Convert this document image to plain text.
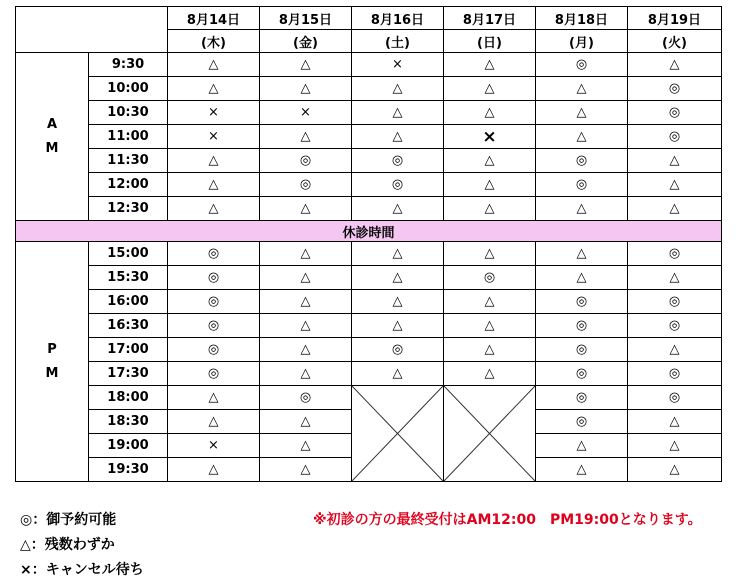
		8月14日	8月15日	8月16日	8月17日	8月18日	8月19日
		(木)	(金)	(土)	(日)	(月)	(火)

A
M	9:30	△	△	×	△	◎	△
	10:00	△	△	△	△	△	◎
	10:30	×	×	△	△	△	◎
	11:00	×	△	△	×	△	◎
	11:30	△	◎	◎	△	◎	△
	12:00	△	◎	◎	△	◎	△
	12:30	△	△	△	△	△	△
休診時間							

P
M	15:00	◎	△	△	△	△	◎
	15:30	◎	△	△	◎	△	△
	16:00	◎	△	△	△	◎	◎
	16:30	◎	△	△	△	◎	◎
	17:00	◎	△	◎	△	◎	△
	17:30	◎	△	△	△	◎	◎
	18:00	△	◎			◎	◎
	18:30	△	△			◎	△
	19:00	×	△			△	△
	19:30	△	△			△	△
◎：御予約可能
△：残数わずか
×：キャンセル待ち
※初診の方の最終受付はAM12:00　PM19:00となります。
